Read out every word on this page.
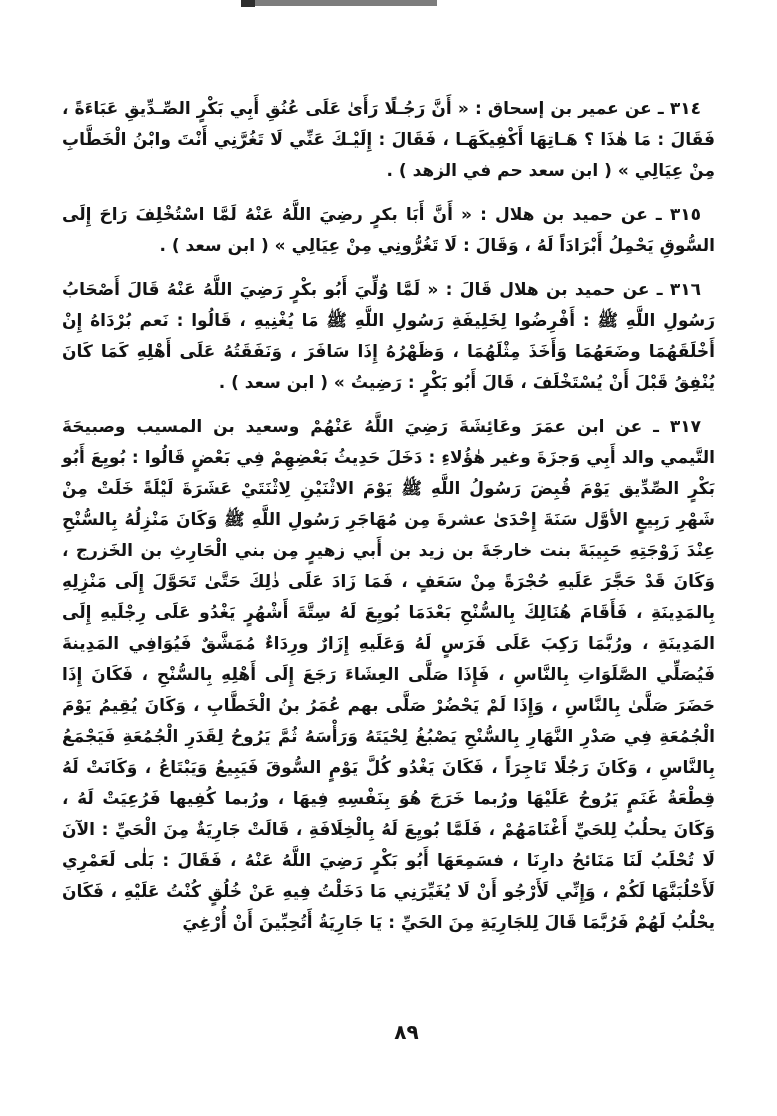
٣١٤ ـ عن عمير بن إسحاق : « أَنَّ رَجُـلًا رَأَىٰ عَلَى عُنُقِ أَبِي بَكْرٍ الصِّـدِّيقِ عَبَاءَةً ، فَقَالَ : مَا هٰذَا ؟ هَـاتِهَا أَكْفِيكَهَـا ، فَقَالَ : إِلَيْـكَ عَنِّي لَا تَغُرَّنِي أَنْتَ وابْنُ الْخَطَّابِ مِنْ عِيَالِي » ( ابن سعد حم في الزهد ) .

٣١٥ ـ عن حميد بن هلال : « أَنَّ أَبَا بكرٍ رضِيَ اللَّهُ عَنْهُ لَمَّا اسْتُخْلِفَ رَاحَ إِلَى السُّوقِ يَحْمِلُ أَبْرَادَاً لَهُ ، وَقَالَ : لَا تَغُرُّونِي مِنْ عِيَالِي » ( ابن سعد ) .

٣١٦ ـ عن حميد بن هلال قَالَ : « لَمَّا وُلِّيَ أَبُو بكْرٍ رَضِيَ اللَّهُ عَنْهُ قَالَ أَصْحَابُ رَسُولِ اللَّهِ ﷺ : أَفْرِضُوا لِخَلِيفَةِ رَسُولِ اللَّهِ ﷺ مَا يُغْنِيهِ ، قَالُوا : نَعم بُرْدَاهُ إِنْ أَخْلَقَهُمَا وضَعَهُمَا وَأَخَذَ مِثْلَهُمَا ، وَظَهْرُهُ إِذَا سَافَرَ ، وَنَفَقَتُهُ عَلَى أَهْلِهِ كَمَا كَانَ يُنْفِقُ قَبْلَ أَنْ يُسْتَخْلَفَ ، قَالَ أَبُو بَكْرٍ : رَضِيتُ » ( ابن سعد ) .

٣١٧ ـ عن ابن عمَرَ وعَائِشَةَ رَضِيَ اللَّهُ عَنْهُمْ وسعيد بن المسيب وصبيحَةَ التَّيمي والد أَبِي وَجزَةَ وغير هٰؤُلاءِ : دَخَلَ حَدِيثُ بَعْضِهِمْ فِي بَعْضٍ قَالُوا : بُويِعَ أَبُو بَكْرٍ الصِّدِّيق يَوْمَ قُبِضَ رَسُولُ اللَّهِ ﷺ يَوْمَ الاثْنَيْنِ لِاثْنَتَيْ عَشَرَةَ لَيْلَةً خَلَتْ مِنْ شَهْرِ رَبِيعٍ الأوَّل سَنَةَ إِحْدَىٰ عشرةَ مِن مُهَاجَرِ رَسُولِ اللَّهِ ﷺ وَكَانَ مَنْزِلُهُ بِالسُّنْحِ عِنْدَ زَوْجَتِهِ حَبِيبَةَ بنت خارجَةَ بن زيد بن أَبي زهيرٍ مِن بني الْحَارِثِ بن الخَزرج ، وَكَانَ قَدْ حَجَّرَ عَلَيهِ حُجْرَةً مِنْ سَعَفٍ ، فَمَا زَادَ عَلَى ذٰلِكَ حَتَّىٰ تَحَوَّلَ إِلَى مَنْزِلِهِ بِالمَدِينَةِ ، فَأَقَامَ هُنَالِكَ بِالسُّنْحِ بَعْدَمَا بُويِعَ لَهُ سِتَّةَ أَشْهُرٍ يَغْدُو عَلَى رِجْلَيهِ إِلَى المَدِينَةِ ، ورُبَّمَا رَكِبَ عَلَى فَرَسٍ لَهُ وَعَلَيهِ إِزَارٌ ورِدَاءٌ مُمَشَّقٌ فَيُوَافِي المَدِينةَ فَيُصَلِّي الصَّلَوَاتِ بِالنَّاسِ ، فَإِذَا صَلَّى العِشَاءَ رَجَعَ إِلَى أَهْلِهِ بِالسُّنْحِ ، فَكَانَ إِذَا حَضَرَ صَلَّىٰ بِالنَّاسِ ، وَإِذَا لَمْ يَحْضُرْ صَلَّى بهم عُمَرُ بنُ الْخَطَّابِ ، وَكَانَ يُقِيمُ يَوْمَ الْجُمُعَةِ فِي صَدْرِ النَّهَارِ بِالسُّنْحِ يَصْبُغُ لِحْيَتَهُ وَرَأْسَهُ ثُمَّ يَرُوحُ لِقَدَرِ الْجُمُعَةِ فَيَجْمَعُ بِالنَّاسِ ، وَكَانَ رَجُلًا تَاجِرَاً ، فَكَانَ يَغْدُو كُلَّ يَوْمٍ السُّوقَ فَيَبِيعُ وَيَبْتَاعُ ، وَكَانَتْ لَهُ قِطْعَةُ غَنَمٍ يَرُوحُ عَلَيْهَا ورُبما خَرَجَ هُوَ بِنَفْسِهِ فِيهَا ، ورُبما كُفِيها فَرُعِيَتْ لَهُ ، وَكَانَ يحلُبُ لِلحَيِّ أَغْنَامَهُمْ ، فَلَمَّا بُويِعَ لَهُ بِالْخِلَافَةِ ، قَالَتْ جَارِيَةٌ مِنَ الْحَيِّ : الآنَ لَا تُحْلَبُ لَنَا مَنَائحُ دارِنَا ، فسَمِعَهَا أَبُو بَكْرٍ رَضِيَ اللَّهُ عَنْهُ ، فَقَالَ : بَلٰى لَعَمْرِي لَأَحْلُبَنَّهَا لَكُمْ ، وَإِنِّي لَأَرْجُو أَنْ لَا يُغَيِّرَنِي مَا دَخَلْتُ فِيهِ عَنْ خُلُقٍ كُنْتُ عَلَيْهِ ، فَكَانَ يحْلُبُ لَهُمْ فَرُبَّمَا قَالَ لِلجَارِيَةِ مِنَ الحَيِّ : يَا جَارِيَةُ أَتُحِبِّينَ أَنْ أُرْغِيَ

٨٩
